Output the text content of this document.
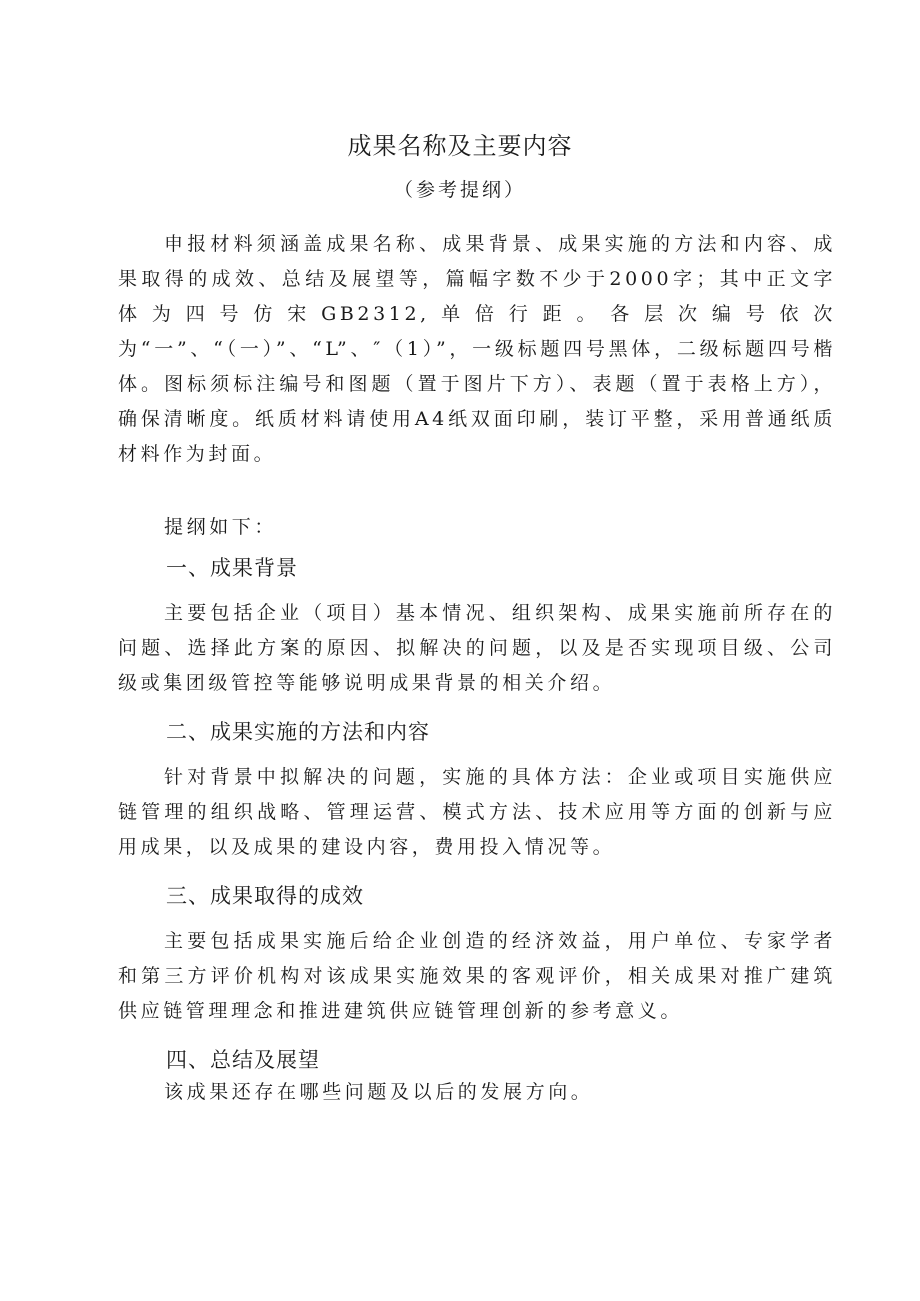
成果名称及主要内容
（参考提纲）

申报材料须涵盖成果名称、成果背景、成果实施的方法和内容、成果取得的成效、总结及展望等，篇幅字数不少于2000字；其中正文字体为四号仿宋GB2312,单倍行距。各层次编号依次为“一”、“（一）”、“L”、″（1）”，一级标题四号黑体，二级标题四号楷体。图标须标注编号和图题（置于图片下方）、表题（置于表格上方），确保清晰度。纸质材料请使用A4纸双面印刷，装订平整，采用普通纸质材料作为封面。

提纲如下：

一、成果背景

主要包括企业（项目）基本情况、组织架构、成果实施前所存在的问题、选择此方案的原因、拟解决的问题，以及是否实现项目级、公司级或集团级管控等能够说明成果背景的相关介绍。

二、成果实施的方法和内容

针对背景中拟解决的问题，实施的具体方法：企业或项目实施供应链管理的组织战略、管理运营、模式方法、技术应用等方面的创新与应用成果，以及成果的建设内容，费用投入情况等。

三、成果取得的成效

主要包括成果实施后给企业创造的经济效益，用户单位、专家学者和第三方评价机构对该成果实施效果的客观评价，相关成果对推广建筑供应链管理理念和推进建筑供应链管理创新的参考意义。

四、总结及展望

该成果还存在哪些问题及以后的发展方向。
